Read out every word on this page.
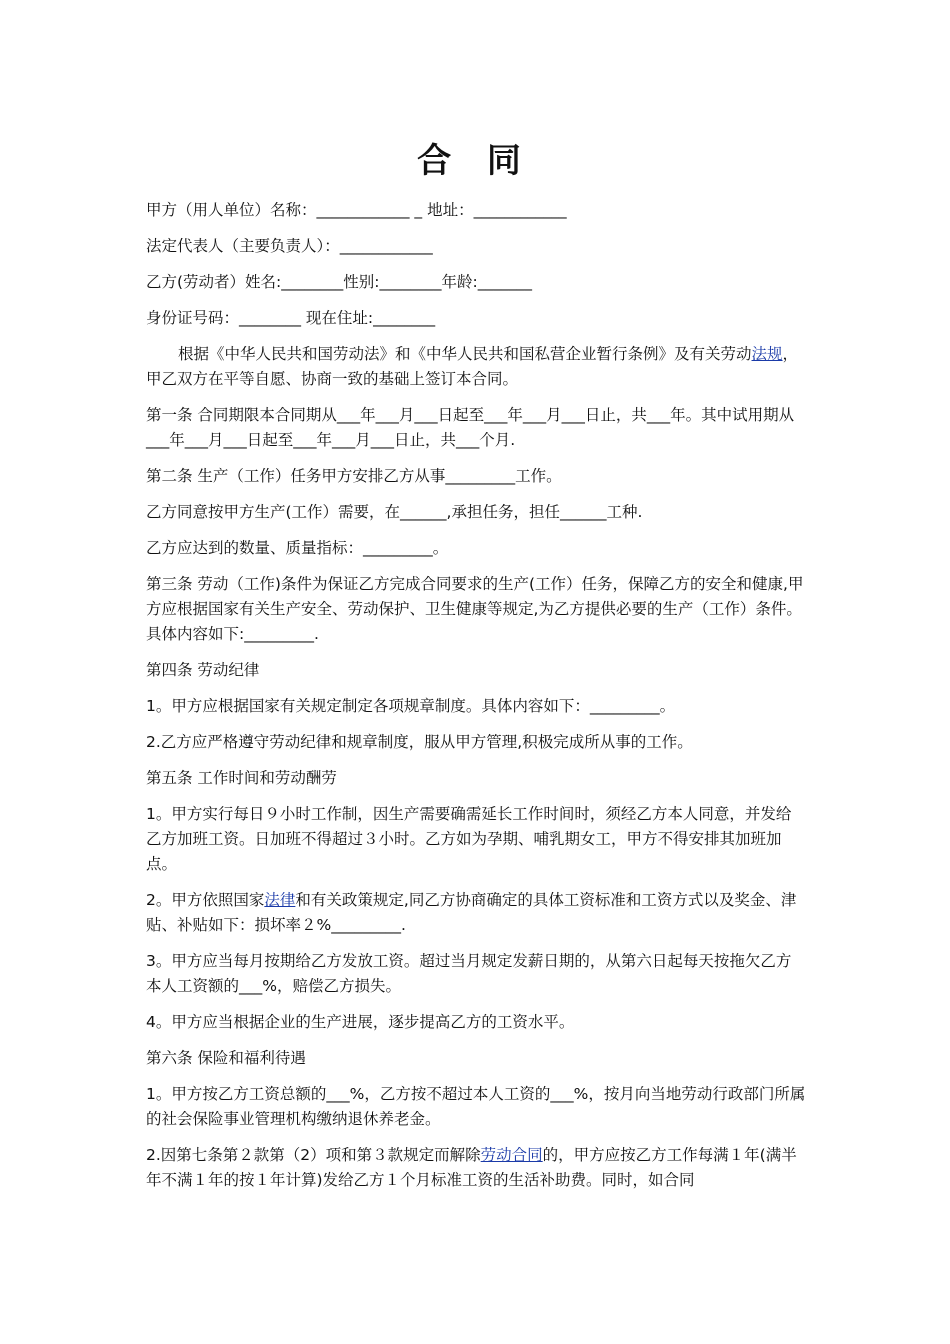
合 同

甲方（用人单位）名称：____________ _ 地址：____________

法定代表人（主要负责人）：____________

乙方(劳动者）姓名:________性别:________年龄:_______

身份证号码：________ 现在住址:________

根据《中华人民共和国劳动法》和《中华人民共和国私营企业暂行条例》及有关劳动法规，甲乙双方在平等自愿、协商一致的基础上签订本合同。

第一条 合同期限本合同期从___年___月___日起至___年___月___日止，共___年。其中试用期从___年___月___日起至___年___月___日止，共___个月.

第二条 生产（工作）任务甲方安排乙方从事_________工作。

乙方同意按甲方生产(工作）需要，在______,承担任务，担任______工种.

乙方应达到的数量、质量指标：_________。

第三条 劳动（工作)条件为保证乙方完成合同要求的生产(工作）任务，保障乙方的安全和健康,甲方应根据国家有关生产安全、劳动保护、卫生健康等规定,为乙方提供必要的生产（工作）条件。具体内容如下:_________.

第四条 劳动纪律

1。甲方应根据国家有关规定制定各项规章制度。具体内容如下：_________。

2.乙方应严格遵守劳动纪律和规章制度，服从甲方管理,积极完成所从事的工作。

第五条 工作时间和劳动酬劳

1。甲方实行每日９小时工作制，因生产需要确需延长工作时间时，须经乙方本人同意，并发给乙方加班工资。日加班不得超过３小时。乙方如为孕期、哺乳期女工，甲方不得安排其加班加点。

2。甲方依照国家法律和有关政策规定,同乙方协商确定的具体工资标准和工资方式以及奖金、津贴、补贴如下：损坏率２%_________.

3。甲方应当每月按期给乙方发放工资。超过当月规定发薪日期的，从第六日起每天按拖欠乙方本人工资额的___%，赔偿乙方损失。

4。甲方应当根据企业的生产进展，逐步提高乙方的工资水平。

第六条 保险和福利待遇

1。甲方按乙方工资总额的___%，乙方按不超过本人工资的___%，按月向当地劳动行政部门所属的社会保险事业管理机构缴纳退休养老金。

2.因第七条第２款第（2）项和第３款规定而解除劳动合同的，甲方应按乙方工作每满１年(满半年不满１年的按１年计算)发给乙方１个月标准工资的生活补助费。同时，如合同
